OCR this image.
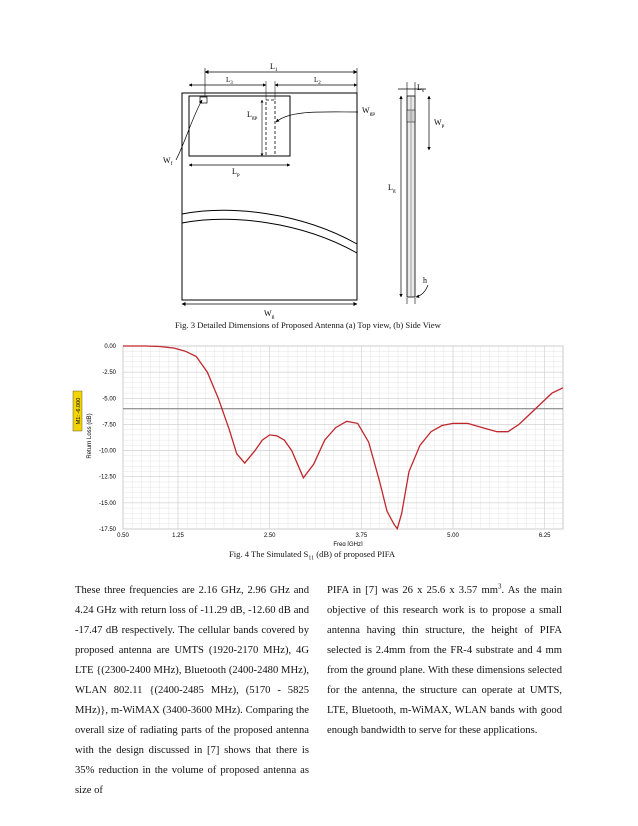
$L_1$
$L_3$	$L_2$
$L_{gp}$
$W_{gp}$
$L_p$
$W_f$
$W_g$
$L_s$
$W_p$
$L_g$
h
Fig. 3 Detailed Dimensions of Proposed Antenna (a) Top view, (b) Side View
0.00
-2.50
-5.00
-7.50
-10.00
-12.50
-15.00
-17.50
0.50	1.25	2.50	3.75	5.00	6.25
Return Loss (dB)
M1: -6.000
Freq [GHz]
Fig. 4 The Simulated $S_{11}$ (dB) of proposed PIFA

These three frequencies are 2.16 GHz, 2.96 GHz and 4.24 GHz with return loss of -11.29 dB, -12.60 dB and -17.47 dB respectively. The cellular bands covered by proposed antenna are UMTS (1920-2170 MHz), 4G LTE {(2300-2400 MHz), Bluetooth (2400-2480 MHz), WLAN 802.11 {(2400-2485 MHz), (5170 - 5825 MHz)}, m-WiMAX (3400-3600 MHz). Comparing the overall size of radiating parts of the proposed antenna with the design discussed in [7] shows that there is 35% reduction in the volume of proposed antenna as size of

PIFA in [7] was 26 x 25.6 x 3.57 $mm^3$. As the main objective of this research work is to propose a small antenna having thin structure, the height of PIFA selected is 2.4mm from the FR-4 substrate and 4 mm from the ground plane. With these dimensions selected for the antenna, the structure can operate at UMTS, LTE, Bluetooth, m-WiMAX, WLAN bands with good enough bandwidth to serve for these applications.
